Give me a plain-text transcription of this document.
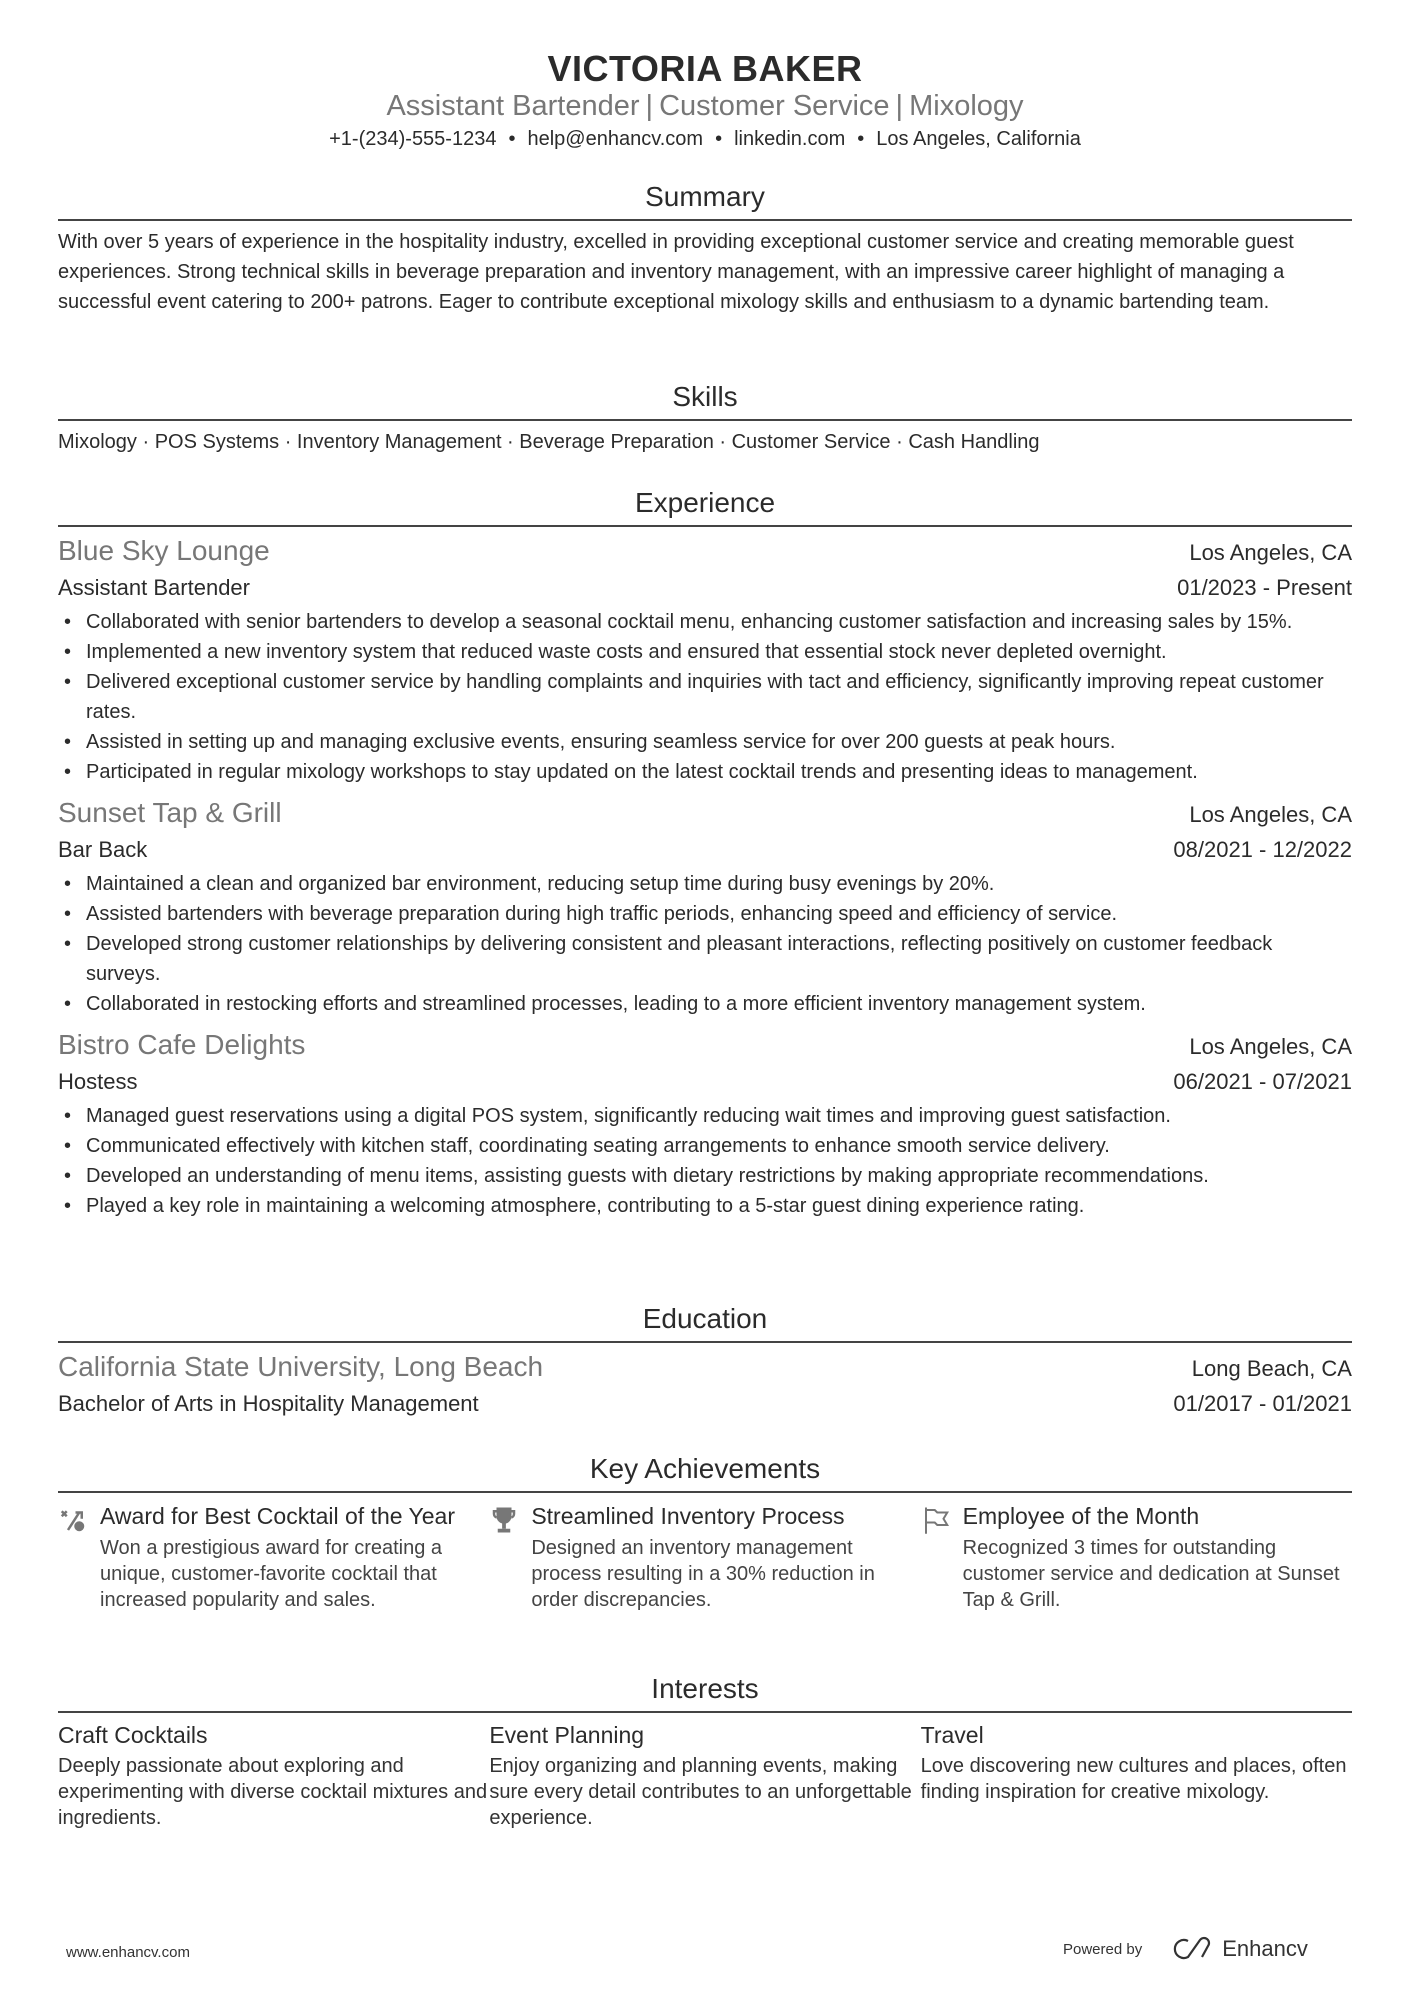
VICTORIA BAKER
Assistant Bartender | Customer Service | Mixology
+1-(234)-555-1234 • help@enhancv.com • linkedin.com • Los Angeles, California
Summary

With over 5 years of experience in the hospitality industry, excelled in providing exceptional customer service and creating memorable guest experiences. Strong technical skills in beverage preparation and inventory management, with an impressive career highlight of managing a successful event catering to 200+ patrons. Eager to contribute exceptional mixology skills and enthusiasm to a dynamic bartending team.

Skills

Mixology · POS Systems · Inventory Management · Beverage Preparation · Customer Service · Cash Handling

Experience
Blue Sky Lounge	Los Angeles, CA
Assistant Bartender	01/2023 - Present
• Collaborated with senior bartenders to develop a seasonal cocktail menu, enhancing customer satisfaction and increasing sales by 15%.
• Implemented a new inventory system that reduced waste costs and ensured that essential stock never depleted overnight.
• Delivered exceptional customer service by handling complaints and inquiries with tact and efficiency, significantly improving repeat customer rates.
• Assisted in setting up and managing exclusive events, ensuring seamless service for over 200 guests at peak hours.
• Participated in regular mixology workshops to stay updated on the latest cocktail trends and presenting ideas to management.
Sunset Tap & Grill	Los Angeles, CA
Bar Back	08/2021 - 12/2022
• Maintained a clean and organized bar environment, reducing setup time during busy evenings by 20%.
• Assisted bartenders with beverage preparation during high traffic periods, enhancing speed and efficiency of service.
• Developed strong customer relationships by delivering consistent and pleasant interactions, reflecting positively on customer feedback surveys.
• Collaborated in restocking efforts and streamlined processes, leading to a more efficient inventory management system.
Bistro Cafe Delights	Los Angeles, CA
Hostess	06/2021 - 07/2021
• Managed guest reservations using a digital POS system, significantly reducing wait times and improving guest satisfaction.
• Communicated effectively with kitchen staff, coordinating seating arrangements to enhance smooth service delivery.
• Developed an understanding of menu items, assisting guests with dietary restrictions by making appropriate recommendations.
• Played a key role in maintaining a welcoming atmosphere, contributing to a 5-star guest dining experience rating.
Education
California State University, Long Beach	Long Beach, CA
Bachelor of Arts in Hospitality Management	01/2017 - 01/2021
Key Achievements
Award for Best Cocktail of the Year
Won a prestigious award for creating a unique, customer-favorite cocktail that increased popularity and sales.
Streamlined Inventory Process
Designed an inventory management process resulting in a 30% reduction in order discrepancies.
Employee of the Month
Recognized 3 times for outstanding customer service and dedication at Sunset Tap & Grill.
Interests
Craft Cocktails
Deeply passionate about exploring and experimenting with diverse cocktail mixtures and ingredients.
Event Planning
Enjoy organizing and planning events, making sure every detail contributes to an unforgettable experience.
Travel
Love discovering new cultures and places, often finding inspiration for creative mixology.
www.enhancv.com	Powered by	Enhancv
